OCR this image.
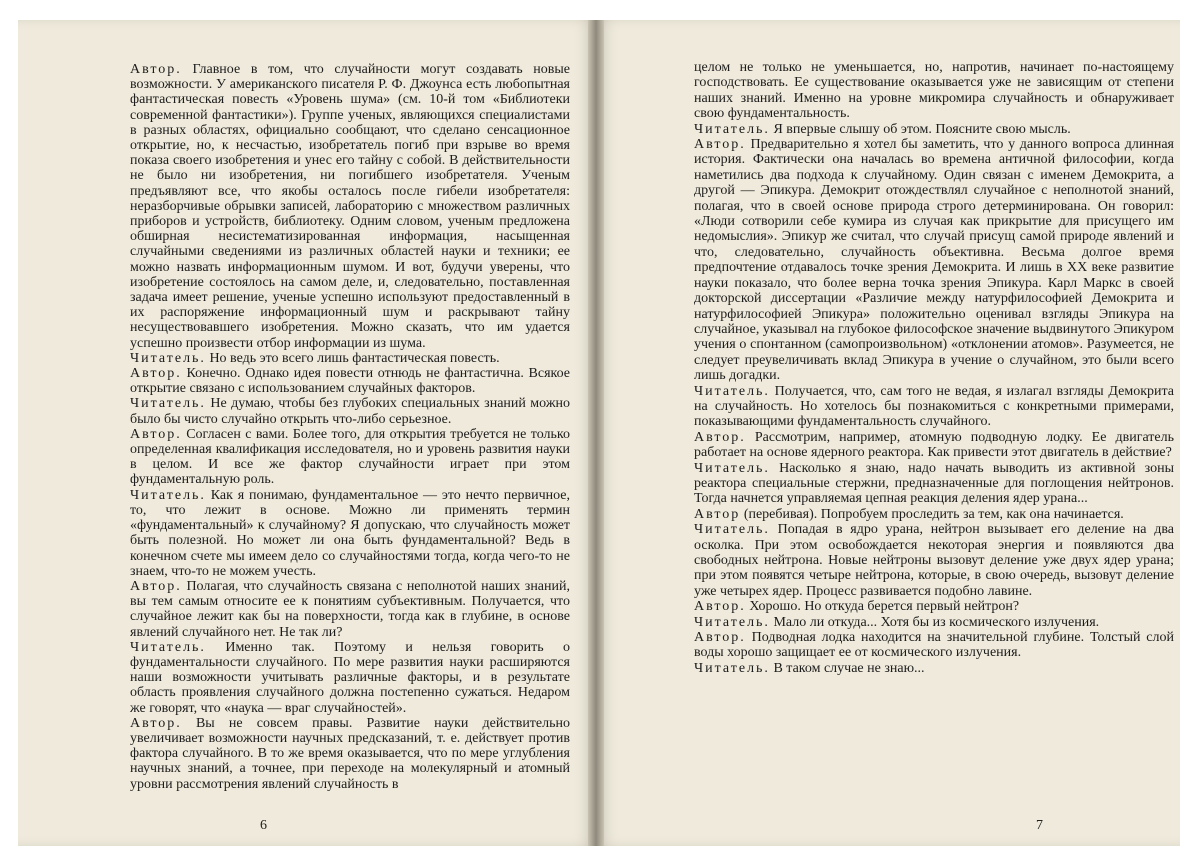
Автор. Главное в том, что случайности могут создавать новые возможности. У американского писателя Р. Ф. Джоунса есть любопытная фантастическая повесть «Уровень шума» (см. 10-й том «Библиотеки современной фантастики»). Группе ученых, являющихся специалистами в разных областях, официально сообщают, что сделано сенсационное открытие, но, к несчастью, изобретатель погиб при взрыве во время показа своего изобретения и унес его тайну с собой. В действительности не было ни изобретения, ни погибшего изобретателя. Ученым предъявляют все, что якобы осталось после гибели изобретателя: неразборчивые обрывки записей, лабораторию с множеством различных приборов и устройств, библиотеку. Одним словом, ученым предложена обширная несистематизированная информация, насыщенная случайными сведениями из различных областей науки и техники; ее можно назвать информационным шумом. И вот, будучи уверены, что изобретение состоялось на самом деле, и, следовательно, поставленная задача имеет решение, ученые успешно используют предоставленный в их распоряжение информационный шум и раскрывают тайну несуществовавшего изобретения. Можно сказать, что им удается успешно произвести отбор информации из шума.

Читатель. Но ведь это всего лишь фантастическая повесть.

Автор. Конечно. Однако идея повести отнюдь не фантастична. Всякое открытие связано с использованием случайных факторов.

Читатель. Не думаю, чтобы без глубоких специальных знаний можно было бы чисто случайно открыть что-либо серьезное.

Автор. Согласен с вами. Более того, для открытия требуется не только определенная квалификация исследователя, но и уровень развития науки в целом. И все же фактор случайности играет при этом фундаментальную роль.

Читатель. Как я понимаю, фундаментальное — это нечто первичное, то, что лежит в основе. Можно ли применять термин «фундаментальный» к случайному? Я допускаю, что случайность может быть полезной. Но может ли она быть фундаментальной? Ведь в конечном счете мы имеем дело со случайностями тогда, когда чего-то не знаем, что-то не можем учесть.

Автор. Полагая, что случайность связана с неполнотой наших знаний, вы тем самым относите ее к понятиям субъективным. Получается, что случайное лежит как бы на поверхности, тогда как в глубине, в основе явлений случайного нет. Не так ли?

Читатель. Именно так. Поэтому и нельзя говорить о фундаментальности случайного. По мере развития науки расширяются наши возможности учитывать различные факторы, и в результате область проявления случайного должна постепенно сужаться. Недаром же говорят, что «наука — враг случайностей».

Автор. Вы не совсем правы. Развитие науки действительно увеличивает возможности научных предсказаний, т. е. действует против фактора случайного. В то же время оказывается, что по мере углубления научных знаний, а точнее, при переходе на молекулярный и атомный уровни рассмотрения явлений случайность в

6

целом не только не уменьшается, но, напротив, начинает по-настоящему господствовать. Ее существование оказывается уже не зависящим от степени наших знаний. Именно на уровне микромира случайность и обнаруживает свою фундаментальность.

Читатель. Я впервые слышу об этом. Поясните свою мысль.

Автор. Предварительно я хотел бы заметить, что у данного вопроса длинная история. Фактически она началась во времена античной философии, когда наметились два подхода к случайному. Один связан с именем Демокрита, а другой — Эпикура. Демокрит отождествлял случайное с неполнотой знаний, полагая, что в своей основе природа строго детерминирована. Он говорил: «Люди сотворили себе кумира из случая как прикрытие для присущего им недомыслия». Эпикур же считал, что случай присущ самой природе явлений и что, следовательно, случайность объективна. Весьма долгое время предпочтение отдавалось точке зрения Демокрита. И лишь в XX веке развитие науки показало, что более верна точка зрения Эпикура. Карл Маркс в своей докторской диссертации «Различие между натурфилософией Демокрита и натурфилософией Эпикура» положительно оценивал взгляды Эпикура на случайное, указывал на глубокое философское значение выдвинутого Эпикуром учения о спонтанном (самопроизвольном) «отклонении атомов». Разумеется, не следует преувеличивать вклад Эпикура в учение о случайном, это были всего лишь догадки.

Читатель. Получается, что, сам того не ведая, я излагал взгляды Демокрита на случайность. Но хотелось бы познакомиться с конкретными примерами, показывающими фундаментальность случайного.

Автор. Рассмотрим, например, атомную подводную лодку. Ее двигатель работает на основе ядерного реактора. Как привести этот двигатель в действие?

Читатель. Насколько я знаю, надо начать выводить из активной зоны реактора специальные стержни, предназначенные для поглощения нейтронов. Тогда начнется управляемая цепная реакция деления ядер урана...

Автор (перебивая). Попробуем проследить за тем, как она начинается.

Читатель. Попадая в ядро урана, нейтрон вызывает его деление на два осколка. При этом освобождается некоторая энергия и появляются два свободных нейтрона. Новые нейтроны вызовут деление уже двух ядер урана; при этом появятся четыре нейтрона, которые, в свою очередь, вызовут деление уже четырех ядер. Процесс развивается подобно лавине.

Автор. Хорошо. Но откуда берется первый нейтрон?

Читатель. Мало ли откуда... Хотя бы из космического излучения.

Автор. Подводная лодка находится на значительной глубине. Толстый слой воды хорошо защищает ее от космического излучения.

Читатель. В таком случае не знаю...

7
